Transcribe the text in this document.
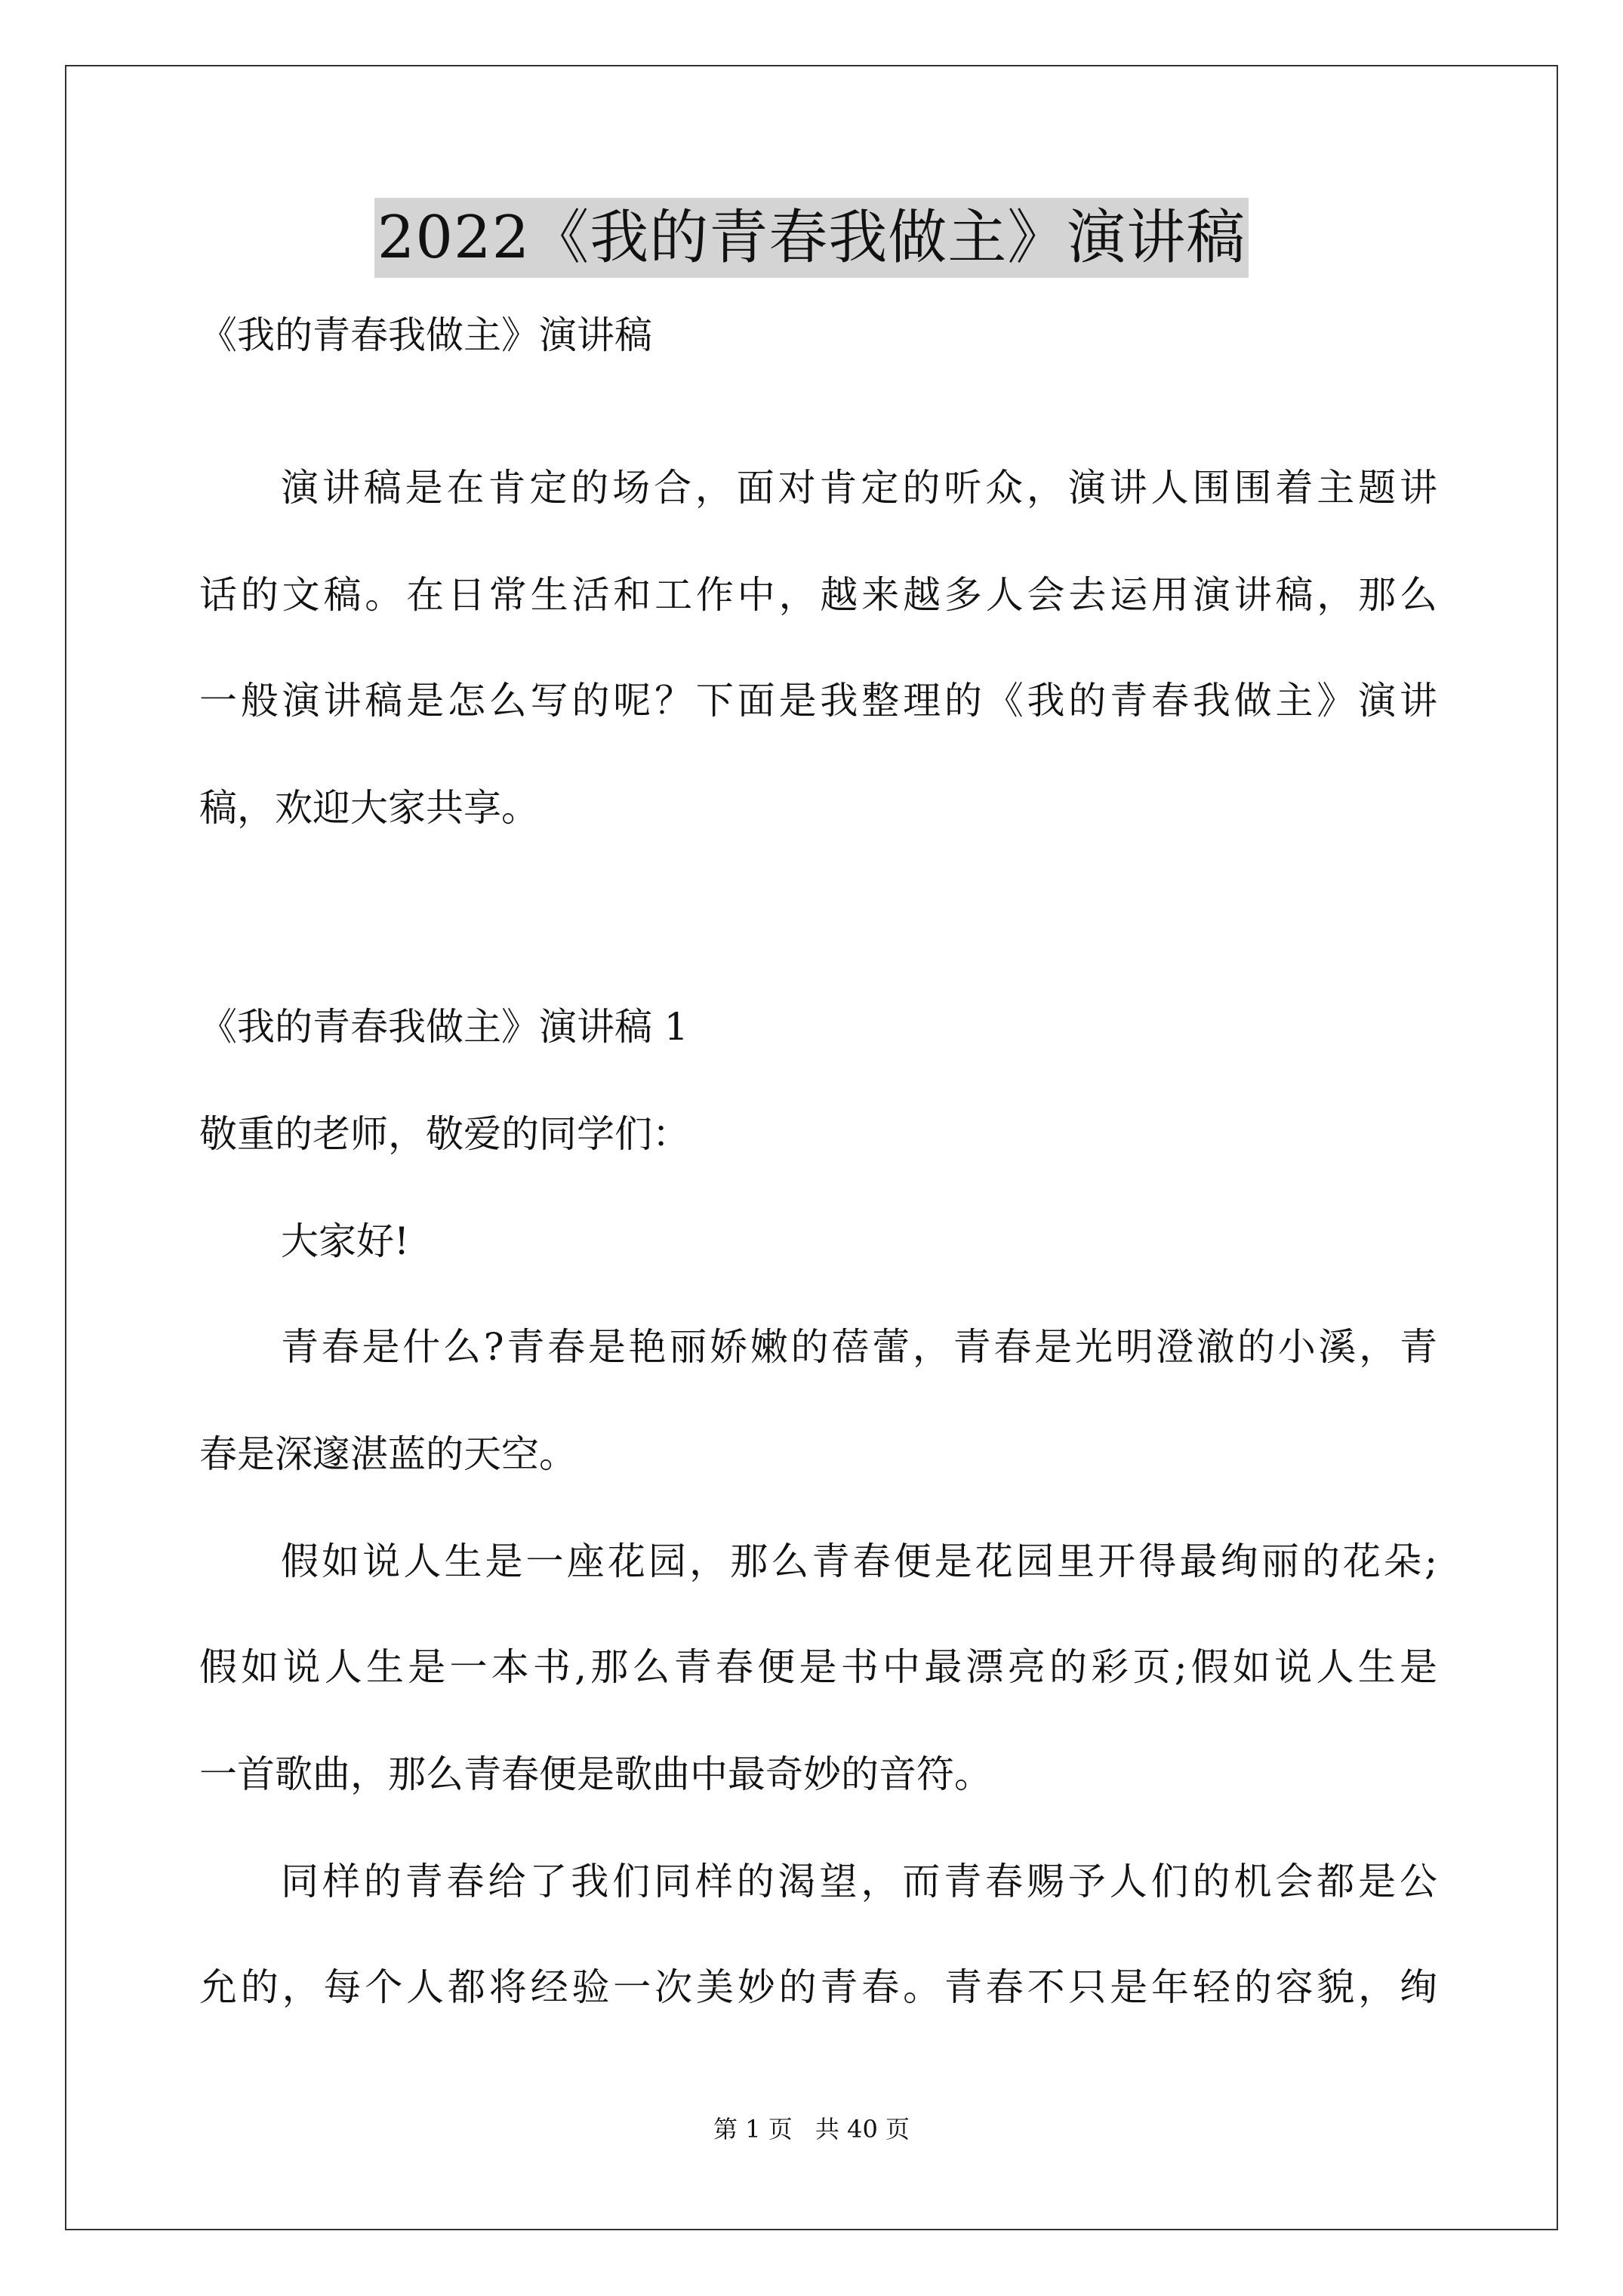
2022《我的青春我做主》演讲稿
《我的青春我做主》演讲稿
演讲稿是在肯定的场合，面对肯定的听众，演讲人围围着主题讲
话的文稿。在日常生活和工作中，越来越多人会去运用演讲稿，那么
一般演讲稿是怎么写的呢？下面是我整理的《我的青春我做主》演讲
稿，欢迎大家共享。
《我的青春我做主》演讲稿 1
敬重的老师，敬爱的同学们：
大家好!
青春是什么?青春是艳丽娇嫩的蓓蕾，青春是光明澄澈的小溪，青
春是深邃湛蓝的天空。
假如说人生是一座花园，那么青春便是花园里开得最绚丽的花朵;
假如说人生是一本书,那么青春便是书中最漂亮的彩页;假如说人生是
一首歌曲，那么青春便是歌曲中最奇妙的音符。
同样的青春给了我们同样的渴望，而青春赐予人们的机会都是公
允的，每个人都将经验一次美妙的青春。青春不只是年轻的容貌，绚
第 1 页 共 40 页
